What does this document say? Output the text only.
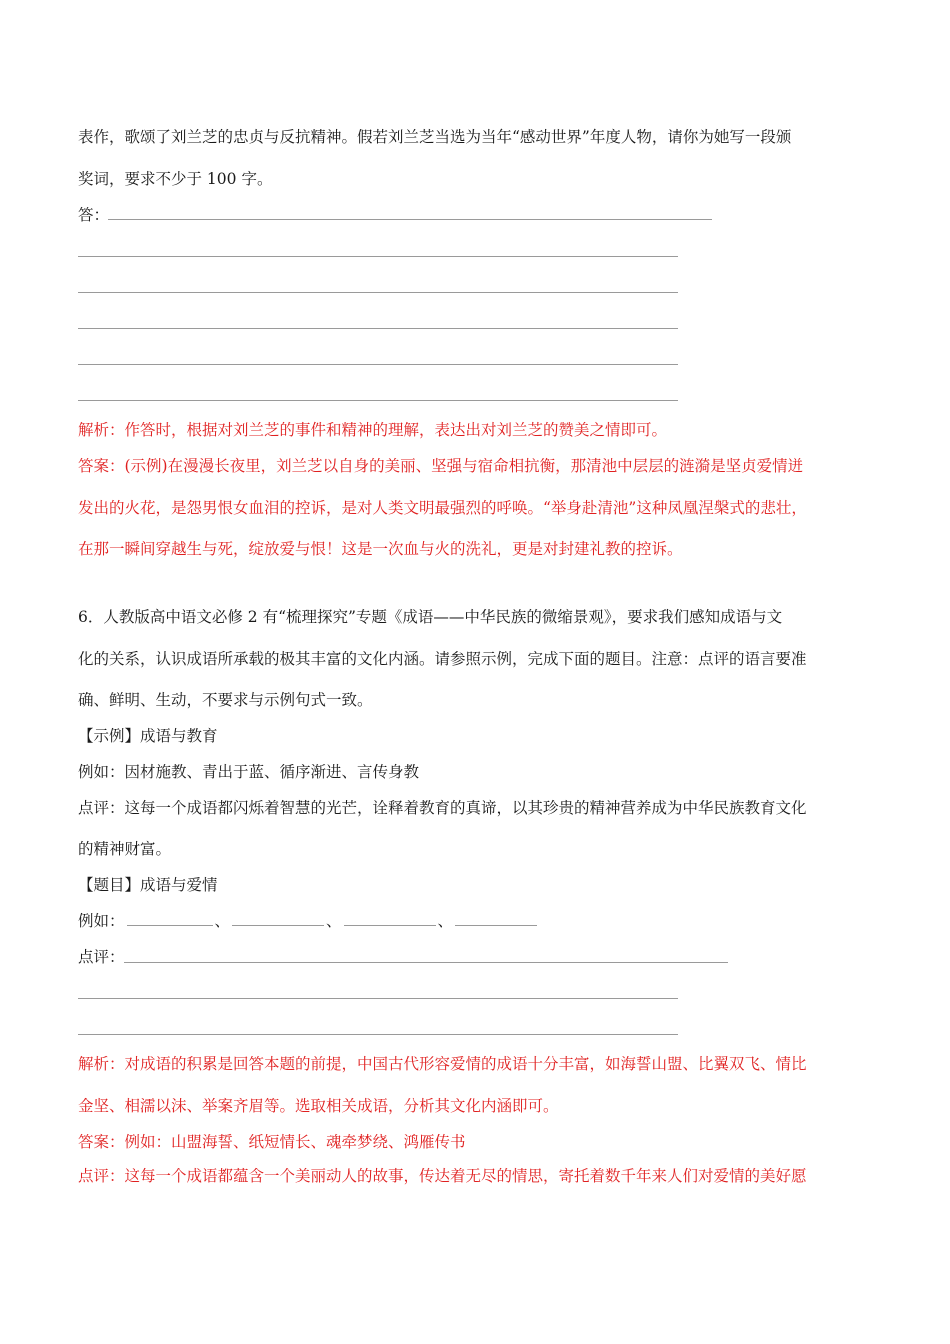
表作，歌颂了刘兰芝的忠贞与反抗精神。假若刘兰芝当选为当年“感动世界”年度人物，请你为她写一段颁
奖词，要求不少于 100 字。
答：
解析：作答时，根据对刘兰芝的事件和精神的理解，表达出对刘兰芝的赞美之情即可。
答案：(示例)在漫漫长夜里，刘兰芝以自身的美丽、坚强与宿命相抗衡，那清池中层层的涟漪是坚贞爱情迸
发出的火花，是怨男恨女血泪的控诉，是对人类文明最强烈的呼唤。“举身赴清池”这种凤凰涅槃式的悲壮，
在那一瞬间穿越生与死，绽放爱与恨！这是一次血与火的洗礼，更是对封建礼教的控诉。
6．人教版高中语文必修 2 有“梳理探究”专题《成语——中华民族的微缩景观》，要求我们感知成语与文
化的关系，认识成语所承载的极其丰富的文化内涵。请参照示例，完成下面的题目。注意：点评的语言要准
确、鲜明、生动，不要求与示例句式一致。
【示例】成语与教育
例如：因材施教、青出于蓝、循序渐进、言传身教
点评：这每一个成语都闪烁着智慧的光芒，诠释着教育的真谛，以其珍贵的精神营养成为中华民族教育文化
的精神财富。
【题目】成语与爱情
例如：	、	、	、
点评：
解析：对成语的积累是回答本题的前提，中国古代形容爱情的成语十分丰富，如海誓山盟、比翼双飞、情比
金坚、相濡以沫、举案齐眉等。选取相关成语，分析其文化内涵即可。
答案：例如：山盟海誓、纸短情长、魂牵梦绕、鸿雁传书
点评：这每一个成语都蕴含一个美丽动人的故事，传达着无尽的情思，寄托着数千年来人们对爱情的美好愿
